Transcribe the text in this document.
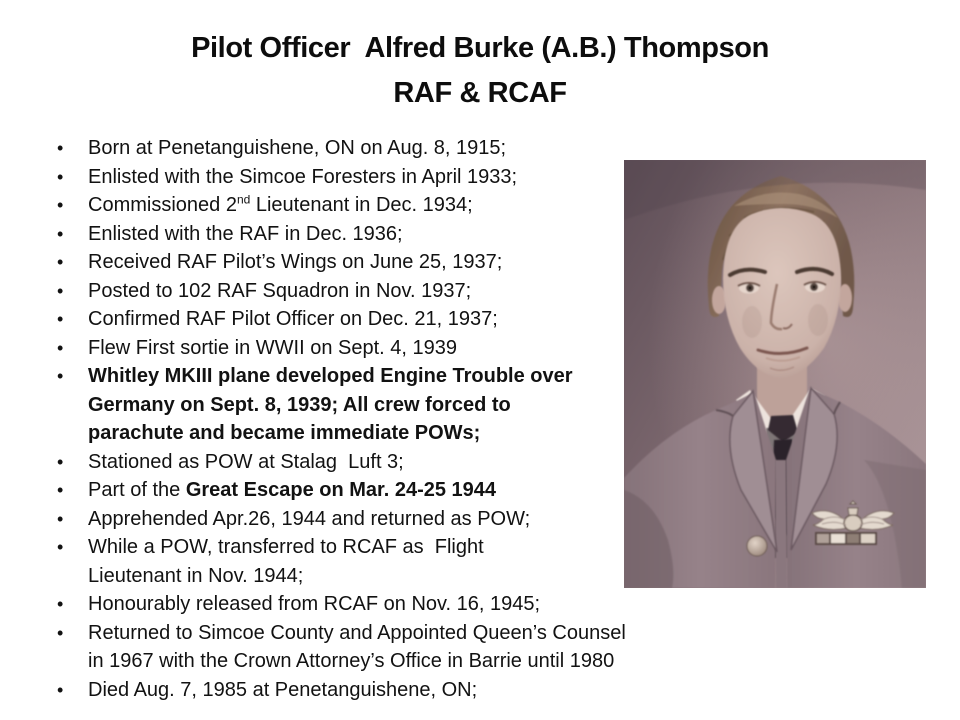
Pilot Officer  Alfred Burke (A.B.) Thompson
RAF & RCAF
• Born at Penetanguishene, ON on Aug. 8, 1915;
• Enlisted with the Simcoe Foresters in April 1933;
• Commissioned 2nd Lieutenant in Dec. 1934;
• Enlisted with the RAF in Dec. 1936;
• Received RAF Pilot’s Wings on June 25, 1937;
• Posted to 102 RAF Squadron in Nov. 1937;
• Confirmed RAF Pilot Officer on Dec. 21, 1937;
• Flew First sortie in WWII on Sept. 4, 1939
• Whitley MKIII plane developed Engine Trouble over
Germany on Sept. 8, 1939; All crew forced to
parachute and became immediate POWs;
• Stationed as POW at Stalag  Luft 3;
• Part of the Great Escape on Mar. 24-25 1944
• Apprehended Apr.26, 1944 and returned as POW;
• While a POW, transferred to RCAF as  Flight
Lieutenant in Nov. 1944;
• Honourably released from RCAF on Nov. 16, 1945;
• Returned to Simcoe County and Appointed Queen’s Counsel
in 1967 with the Crown Attorney’s Office in Barrie until 1980
• Died Aug. 7, 1985 at Penetanguishene, ON;
